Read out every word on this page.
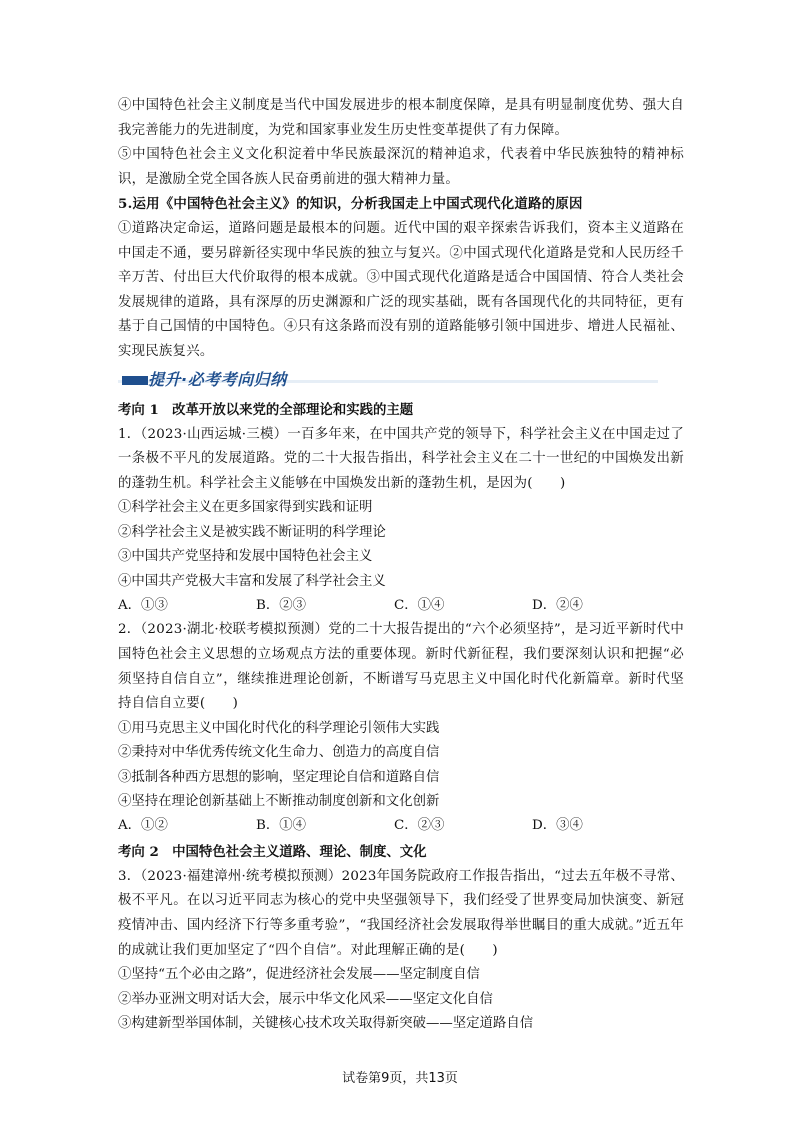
④中国特色社会主义制度是当代中国发展进步的根本制度保障，是具有明显制度优势、强大自我完善能力的先进制度，为党和国家事业发生历史性变革提供了有力保障。

⑤中国特色社会主义文化积淀着中华民族最深沉的精神追求，代表着中华民族独特的精神标识，是激励全党全国各族人民奋勇前进的强大精神力量。

5.运用《中国特色社会主义》的知识，分析我国走上中国式现代化道路的原因

①道路决定命运，道路问题是最根本的问题。近代中国的艰辛探索告诉我们，资本主义道路在中国走不通，要另辟新径实现中华民族的独立与复兴。②中国式现代化道路是党和人民历经千辛万苦、付出巨大代价取得的根本成就。③中国式现代化道路是适合中国国情、符合人类社会发展规律的道路，具有深厚的历史渊源和广泛的现实基础，既有各国现代化的共同特征，更有基于自己国情的中国特色。④只有这条路而没有别的道路能够引领中国进步、增进人民福祉、实现民族复兴。

提升·必考考向归纳

考向 1　改革开放以来党的全部理论和实践的主题

1．（2023·山西运城·三模）一百多年来，在中国共产党的领导下，科学社会主义在中国走过了一条极不平凡的发展道路。党的二十大报告指出，科学社会主义在二十一世纪的中国焕发出新的蓬勃生机。科学社会主义能够在中国焕发出新的蓬勃生机，是因为(　　)

①科学社会主义在更多国家得到实践和证明

②科学社会主义是被实践不断证明的科学理论

③中国共产党坚持和发展中国特色社会主义

④中国共产党极大丰富和发展了科学社会主义

A．①③	B．②③	C．①④	D．②④

2．（2023·湖北·校联考模拟预测）党的二十大报告提出的“六个必须坚持”，是习近平新时代中国特色社会主义思想的立场观点方法的重要体现。新时代新征程，我们要深刻认识和把握“必须坚持自信自立”，继续推进理论创新，不断谱写马克思主义中国化时代化新篇章。新时代坚持自信自立要(　　)

①用马克思主义中国化时代化的科学理论引领伟大实践

②秉持对中华优秀传统文化生命力、创造力的高度自信

③抵制各种西方思想的影响，坚定理论自信和道路自信

④坚持在理论创新基础上不断推动制度创新和文化创新

A．①②	B．①④	C．②③	D．③④

考向 2　中国特色社会主义道路、理论、制度、文化

3．（2023·福建漳州·统考模拟预测）2023年国务院政府工作报告指出，“过去五年极不寻常、极不平凡。在以习近平同志为核心的党中央坚强领导下，我们经受了世界变局加快演变、新冠疫情冲击、国内经济下行等多重考验”，“我国经济社会发展取得举世瞩目的重大成就。”近五年的成就让我们更加坚定了“四个自信”。对此理解正确的是(　　)

①坚持“五个必由之路”，促进经济社会发展——坚定制度自信

②举办亚洲文明对话大会，展示中华文化风采——坚定文化自信

③构建新型举国体制，关键核心技术攻关取得新突破——坚定道路自信

试卷第9页，共13页
